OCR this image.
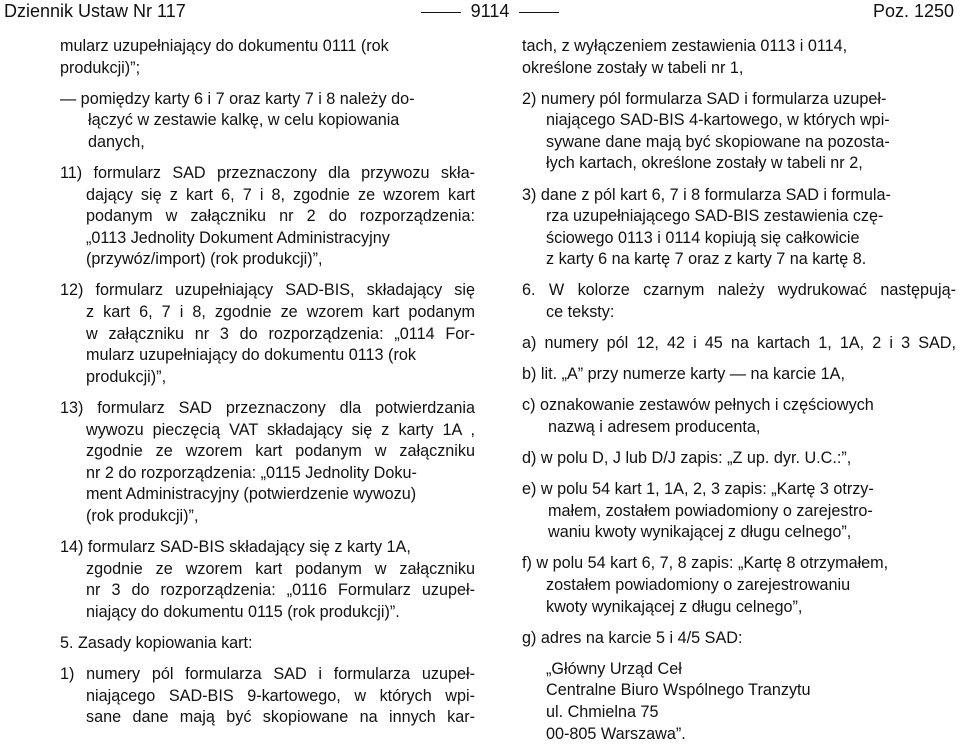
Dziennik Ustaw Nr 117	9114	Poz. 1250
mularz uzupełniający do dokumentu 0111 (rok
produkcji)”;
— pomiędzy karty 6 i 7 oraz karty 7 i 8 należy do-
łączyć w zestawie kalkę, w celu kopiowania
danych,
11) formularz SAD przeznaczony dla przywozu skła-
dający się z kart 6, 7 i 8, zgodnie ze wzorem kart
podanym w załączniku nr 2 do rozporządzenia:
„0113 Jednolity Dokument Administracyjny
(przywóz/import) (rok produkcji)”,
12) formularz uzupełniający SAD-BIS, składający się
z kart 6, 7 i 8, zgodnie ze wzorem kart podanym
w załączniku nr 3 do rozporządzenia: „0114 For-
mularz uzupełniający do dokumentu 0113 (rok
produkcji)”,
13) formularz SAD przeznaczony dla potwierdzania
wywozu pieczęcią VAT składający się z karty 1A ,
zgodnie ze wzorem kart podanym w załączniku
nr 2 do rozporządzenia: „0115 Jednolity Doku-
ment Administracyjny (potwierdzenie wywozu)
(rok produkcji)”,
14) formularz SAD-BIS składający się z karty 1A,
zgodnie ze wzorem kart podanym w załączniku
nr 3 do rozporządzenia: „0116 Formularz uzupeł-
niający do dokumentu 0115 (rok produkcji)”.
5. Zasady kopiowania kart:
1) numery pól formularza SAD i formularza uzupeł-
niającego SAD-BIS 9-kartowego, w których wpi-
sane dane mają być skopiowane na innych kar-
tach, z wyłączeniem zestawienia 0113 i 0114,
określone zostały w tabeli nr 1,
2) numery pól formularza SAD i formularza uzupeł-
niającego SAD-BIS 4-kartowego, w których wpi-
sywane dane mają być skopiowane na pozosta-
łych kartach, określone zostały w tabeli nr 2,
3) dane z pól kart 6, 7 i 8 formularza SAD i formula-
rza uzupełniającego SAD-BIS zestawienia czę-
ściowego 0113 i 0114 kopiują się całkowicie
z karty 6 na kartę 7 oraz z karty 7 na kartę 8.
6. W kolorze czarnym należy wydrukować następują-
ce teksty:
a) numery pól 12, 42 i 45 na kartach 1, 1A, 2 i 3 SAD,
b) lit. „A” przy numerze karty — na karcie 1A,
c) oznakowanie zestawów pełnych i częściowych
nazwą i adresem producenta,
d) w polu D, J lub D/J zapis: „Z up. dyr. U.C.:”,
e) w polu 54 kart 1, 1A, 2, 3 zapis: „Kartę 3 otrzy-
małem, zostałem powiadomiony o zarejestro-
waniu kwoty wynikającej z długu celnego”,
f) w polu 54 kart 6, 7, 8 zapis: „Kartę 8 otrzymałem,
zostałem powiadomiony o zarejestrowaniu
kwoty wynikającej z długu celnego”,
g) adres na karcie 5 i 4/5 SAD:
„Główny Urząd Ceł
Centralne Biuro Wspólnego Tranzytu
ul. Chmielna 75
00-805 Warszawa”.
